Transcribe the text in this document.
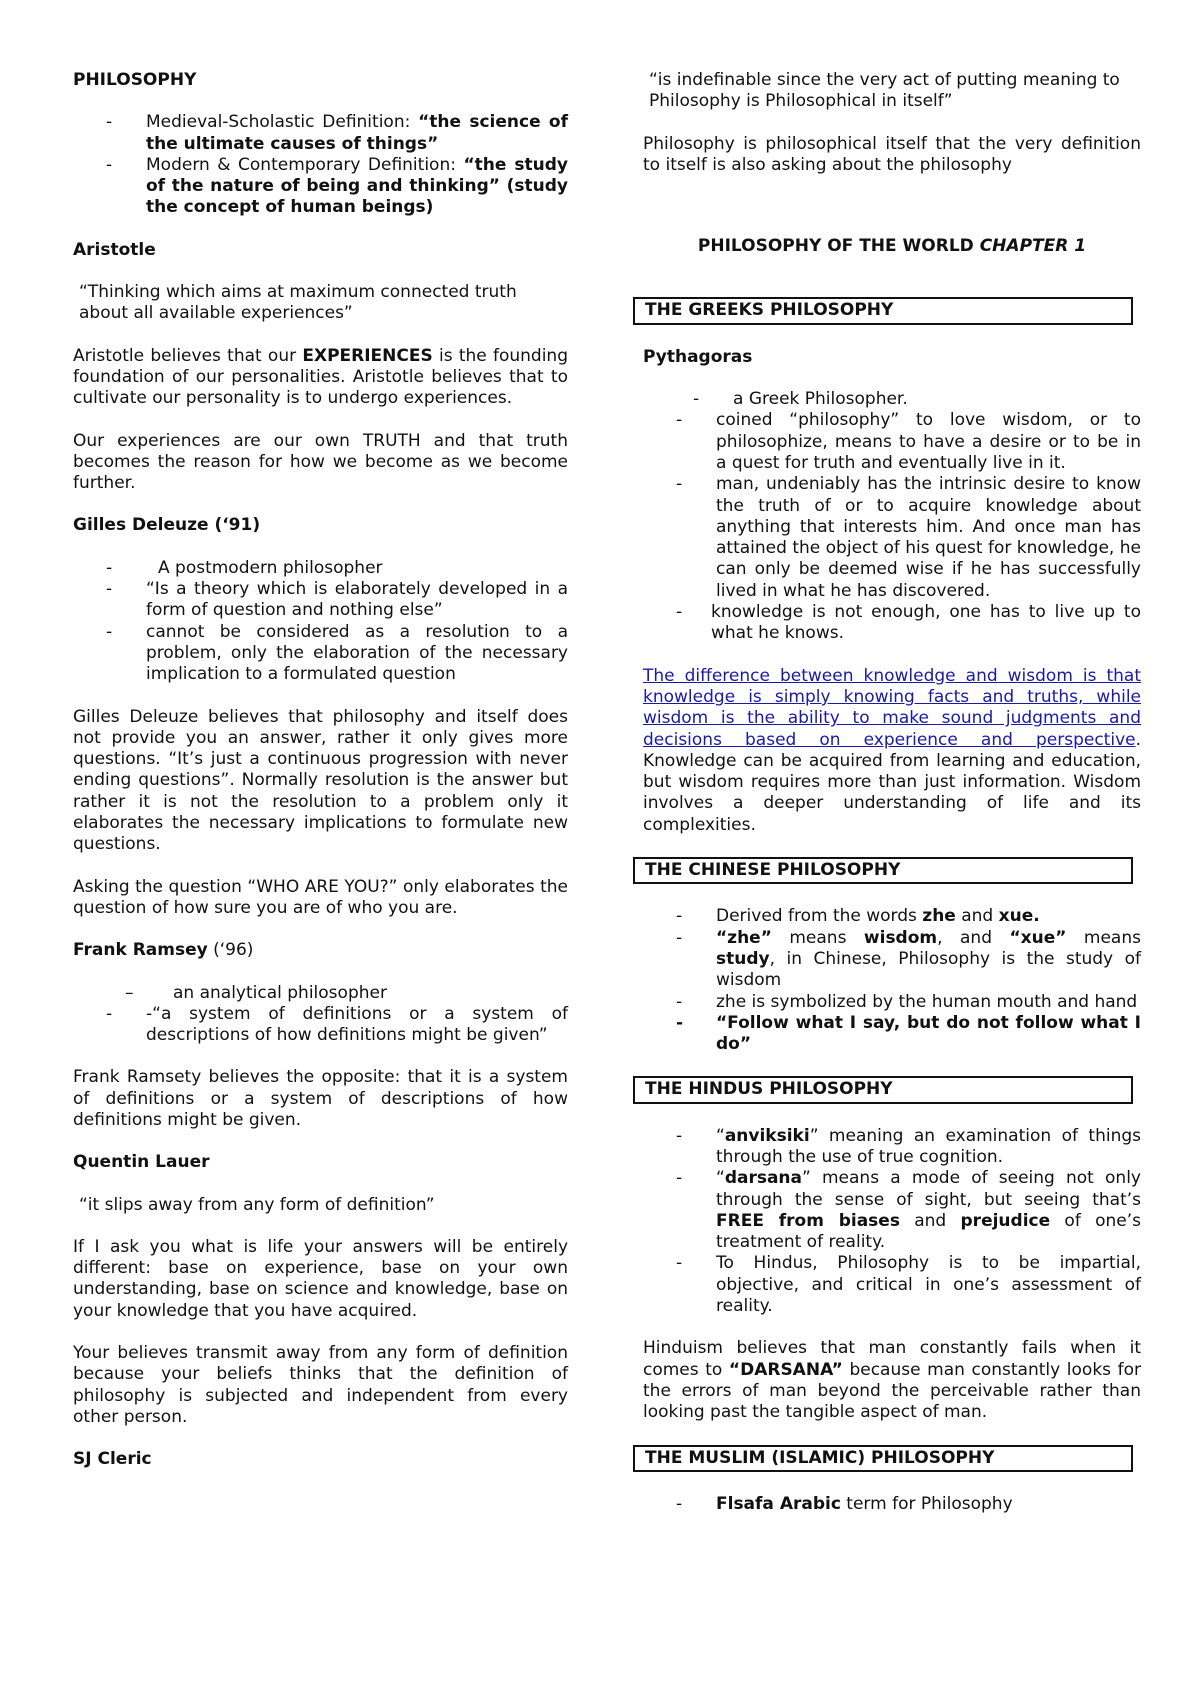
PHILOSOPHY
- Medieval-Scholastic Definition: “the science of the ultimate causes of things”
- Modern & Contemporary Definition: “the study of the nature of being and thinking” (study the concept of human beings)
Aristotle

“Thinking which aims at maximum connected truth about all available experiences”

Aristotle believes that our EXPERIENCES is the founding foundation of our personalities. Aristotle believes that to cultivate our personality is to undergo experiences.

Our experiences are our own TRUTH and that truth becomes the reason for how we become as we become further.

Gilles Deleuze (‘91)
-	A postmodern philosopher
- “Is a theory which is elaborately developed in a form of question and nothing else”
- cannot be considered as a resolution to a problem, only the elaboration of the necessary implication to a formulated question

Gilles Deleuze believes that philosophy and itself does not provide you an answer, rather it only gives more questions. “It’s just a continuous progression with never ending questions”. Normally resolution is the answer but rather it is not the resolution to a problem only it elaborates the necessary implications to formulate new questions.

Asking the question “WHO ARE YOU?” only elaborates the question of how sure you are of who you are.

Frank Ramsey (‘96)
– an analytical philosopher
- -“a system of definitions or a system of descriptions of how definitions might be given”

Frank Ramsety believes the opposite: that it is a system of definitions or a system of descriptions of how definitions might be given.

Quentin Lauer

“it slips away from any form of definition”

If I ask you what is life your answers will be entirely different: base on experience, base on your own understanding, base on science and knowledge, base on your knowledge that you have acquired.

Your believes transmit away from any form of definition because your beliefs thinks that the definition of philosophy is subjected and independent from every other person.

SJ Cleric

“is indefinable since the very act of putting meaning to Philosophy is Philosophical in itself”

Philosophy is philosophical itself that the very definition to itself is also asking about the philosophy

PHILOSOPHY OF THE WORLD CHAPTER 1
THE GREEKS PHILOSOPHY
Pythagoras
- a Greek Philosopher.
- coined “philosophy” to love wisdom, or to philosophize, means to have a desire or to be in a quest for truth and eventually live in it.
- man, undeniably has the intrinsic desire to know the truth of or to acquire knowledge about anything that interests him. And once man has attained the object of his quest for knowledge, he can only be deemed wise if he has successfully lived in what he has discovered.
- knowledge is not enough, one has to live up to what he knows.

The difference between knowledge and wisdom is that knowledge is simply knowing facts and truths, while wisdom is the ability to make sound judgments and decisions based on experience and perspective. Knowledge can be acquired from learning and education, but wisdom requires more than just information. Wisdom involves a deeper understanding of life and its complexities.

THE CHINESE PHILOSOPHY
- Derived from the words zhe and xue.
- “zhe” means wisdom, and “xue” means study, in Chinese, Philosophy is the study of wisdom
- zhe is symbolized by the human mouth and hand
- “Follow what I say, but do not follow what I do”
THE HINDUS PHILOSOPHY
- “anviksiki” meaning an examination of things through the use of true cognition.
- “darsana” means a mode of seeing not only through the sense of sight, but seeing that’s FREE from biases and prejudice of one’s treatment of reality.
- To Hindus, Philosophy is to be impartial, objective, and critical in one’s assessment of reality.

Hinduism believes that man constantly fails when it comes to “DARSANA” because man constantly looks for the errors of man beyond the perceivable rather than looking past the tangible aspect of man.

THE MUSLIM (ISLAMIC) PHILOSOPHY
- Flsafa Arabic term for Philosophy
